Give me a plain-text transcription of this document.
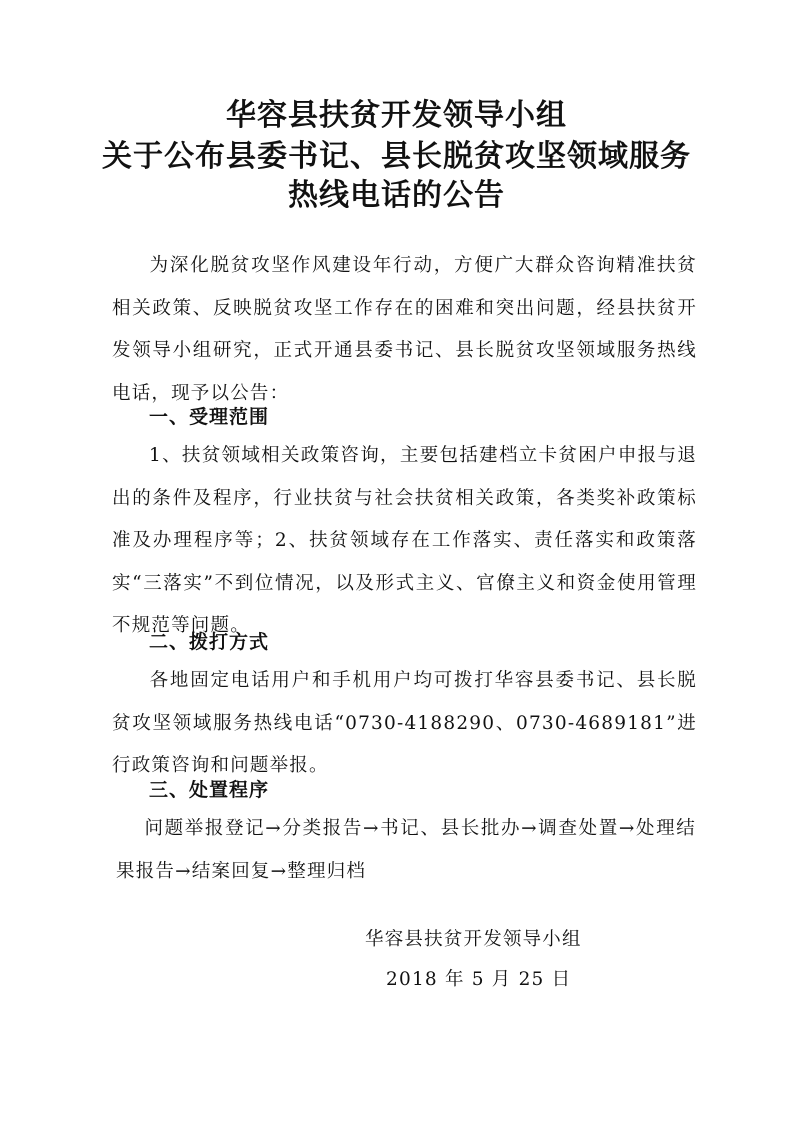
华容县扶贫开发领导小组
关于公布县委书记、县长脱贫攻坚领域服务
热线电话的公告
为深化脱贫攻坚作风建设年行动，方便广大群众咨询精准扶贫相关政策、反映脱贫攻坚工作存在的困难和突出问题，经县扶贫开发领导小组研究，正式开通县委书记、县长脱贫攻坚领域服务热线电话，现予以公告：
一、受理范围
1、扶贫领域相关政策咨询，主要包括建档立卡贫困户申报与退出的条件及程序，行业扶贫与社会扶贫相关政策，各类奖补政策标准及办理程序等；2、扶贫领域存在工作落实、责任落实和政策落实“三落实”不到位情况，以及形式主义、官僚主义和资金使用管理不规范等问题。
二、拨打方式
各地固定电话用户和手机用户均可拨打华容县委书记、县长脱贫攻坚领域服务热线电话“0730-4188290、0730-4689181”进行政策咨询和问题举报。
三、处置程序
问题举报登记→分类报告→书记、县长批办→调查处置→处理结果报告→结案回复→整理归档
华容县扶贫开发领导小组
2018 年 5 月 25 日
